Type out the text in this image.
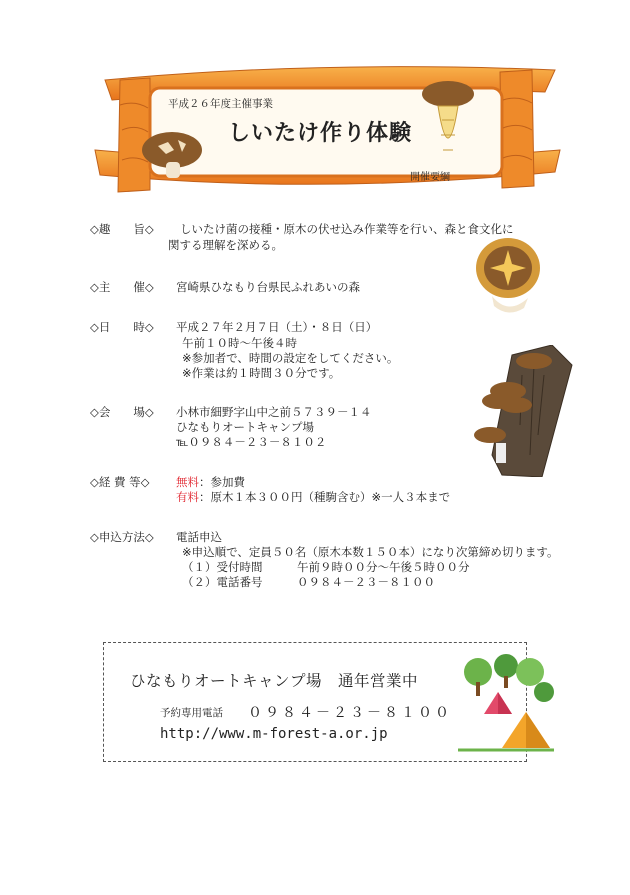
平成２６年度主催事業
しいたけ作り体験
開催要綱
◇趣　　旨◇ しいたけ菌の接種・原木の伏せ込み作業等を行い、森と食文化に
関する理解を深める。
◇主　　催◇ 宮崎県ひなもり台県民ふれあいの森
◇日　　時◇ 平成２７年２月７日（土）・８日（日）
午前１０時～午後４時
※参加者で、時間の設定をしてください。
※作業は約１時間３０分です。
◇会　　場◇ 小林市細野字山中之前５７３９－１４
ひなもりオートキャンプ場
℡０９８４－２３－８１０２
◇経 費 等◇ 無料：参加費
有料：原木１本３００円（種駒含む）※一人３本まで
◇申込方法◇ 電話申込
※申込順で、定員５０名（原木本数１５０本）になり次第締め切ります。
（１）受付時間　　　午前９時００分～午後５時００分
（２）電話番号　　　０９８４－２３－８１００
ひなもりオートキャンプ場　通年営業中
予約専用電話 ０９８４－２３－８１００
http://www.m-forest-a.or.jp
